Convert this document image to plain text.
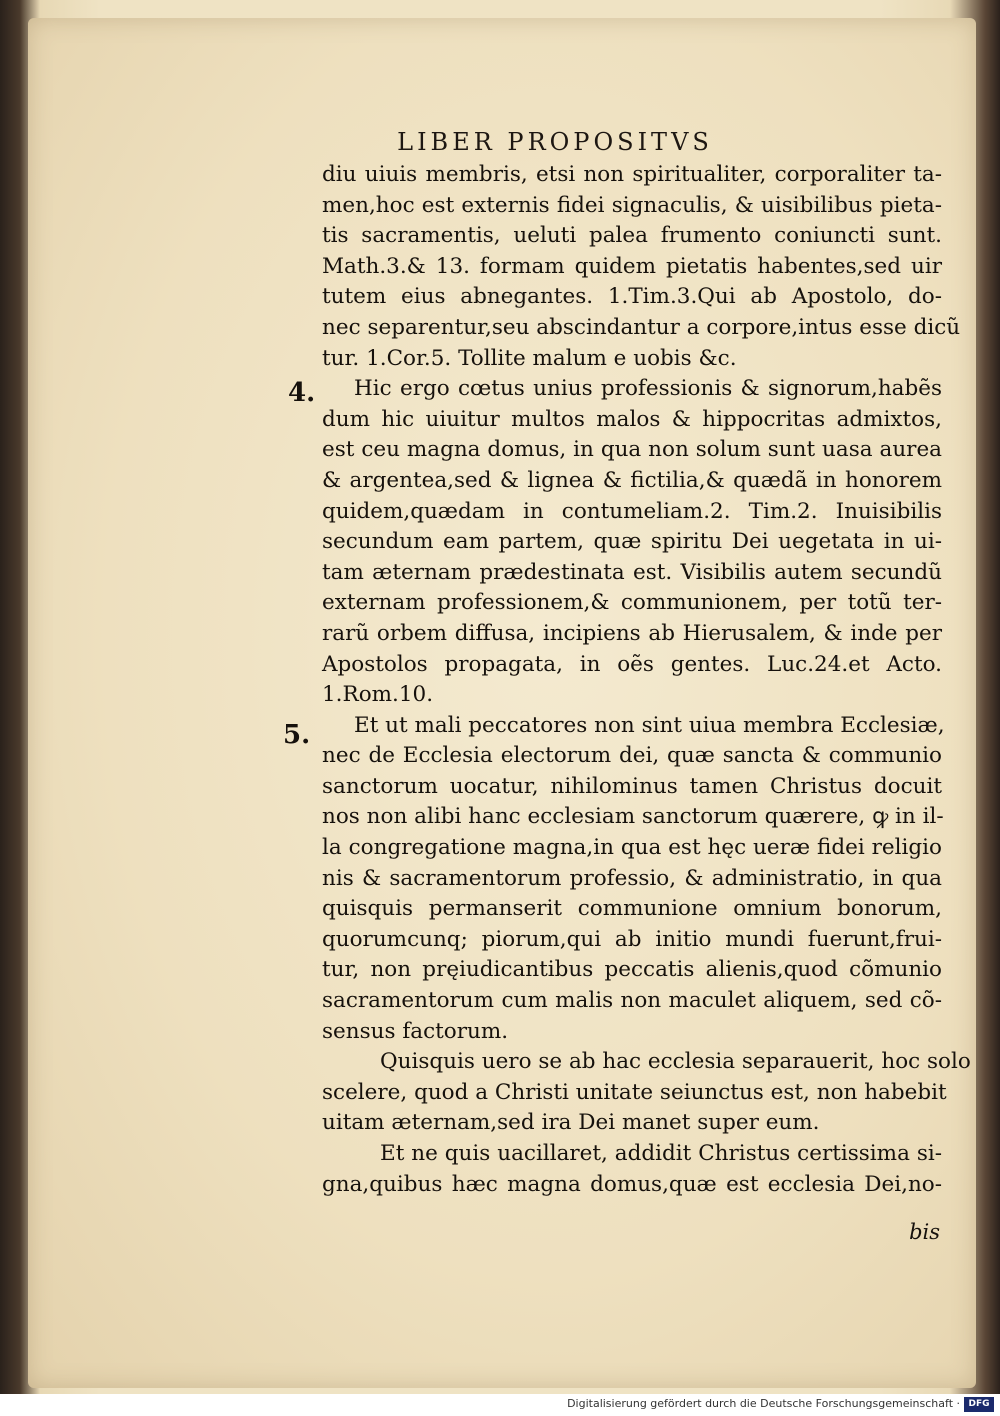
LIBER PROPOSITVS
4.
5.
diu uiuis membris, etsi non spiritualiter, corporaliter ta‑
men,hoc est externis fidei signaculis, & uisibilibus pieta‑
tis sacramentis, ueluti palea frumento coniuncti sunt.
Math.3.& 13. formam quidem pietatis habentes,sed uir
tutem eius abnegantes. 1.Tim.3.Qui ab Apostolo, do‑
nec separentur,seu abscindantur a corpore,intus esse dicũ
tur. 1.Cor.5. Tollite malum e uobis &c.
Hic ergo cœtus unius professionis & signorum,habẽs
dum hic uiuitur multos malos & hippocritas admixtos,
est ceu magna domus, in qua non solum sunt uasa aurea
& argentea,sed & lignea & fictilia,& quædã in honorem
quidem,quædam in contumeliam.2. Tim.2. Inuisibilis
secundum eam partem, quæ spiritu Dei uegetata in ui‑
tam æternam prædestinata est. Visibilis autem secundũ
externam professionem,& communionem, per totũ ter‑
rarũ orbem diffusa, incipiens ab Hierusalem, & inde per
Apostolos propagata, in oẽs gentes. Luc.24.et Acto.
1.Rom.10.
Et ut mali peccatores non sint uiua membra Ecclesiæ,
nec de Ecclesia electorum dei, quæ sancta & communio
sanctorum uocatur, nihilominus tamen Christus docuit
nos non alibi hanc ecclesiam sanctorum quærere, ꝙ in il‑
la congregatione magna,in qua est hęc ueræ fidei religio
nis & sacramentorum professio, & administratio, in qua
quisquis permanserit communione omnium bonorum,
quorumcunq; piorum,qui ab initio mundi fuerunt,frui‑
tur, non pręiudicantibus peccatis alienis,quod cõmunio
sacramentorum cum malis non maculet aliquem, sed cõ‑
sensus factorum.
Quisquis uero se ab hac ecclesia separauerit, hoc solo
scelere, quod a Christi unitate seiunctus est, non habebit
uitam æternam,sed ira Dei manet super eum.
Et ne quis uacillaret, addidit Christus certissima si‑
gna,quibus hæc magna domus,quæ est ecclesia Dei,no‑
bis
Digitalisierung gefördert durch die Deutsche Forschungsgemeinschaft · DFG
